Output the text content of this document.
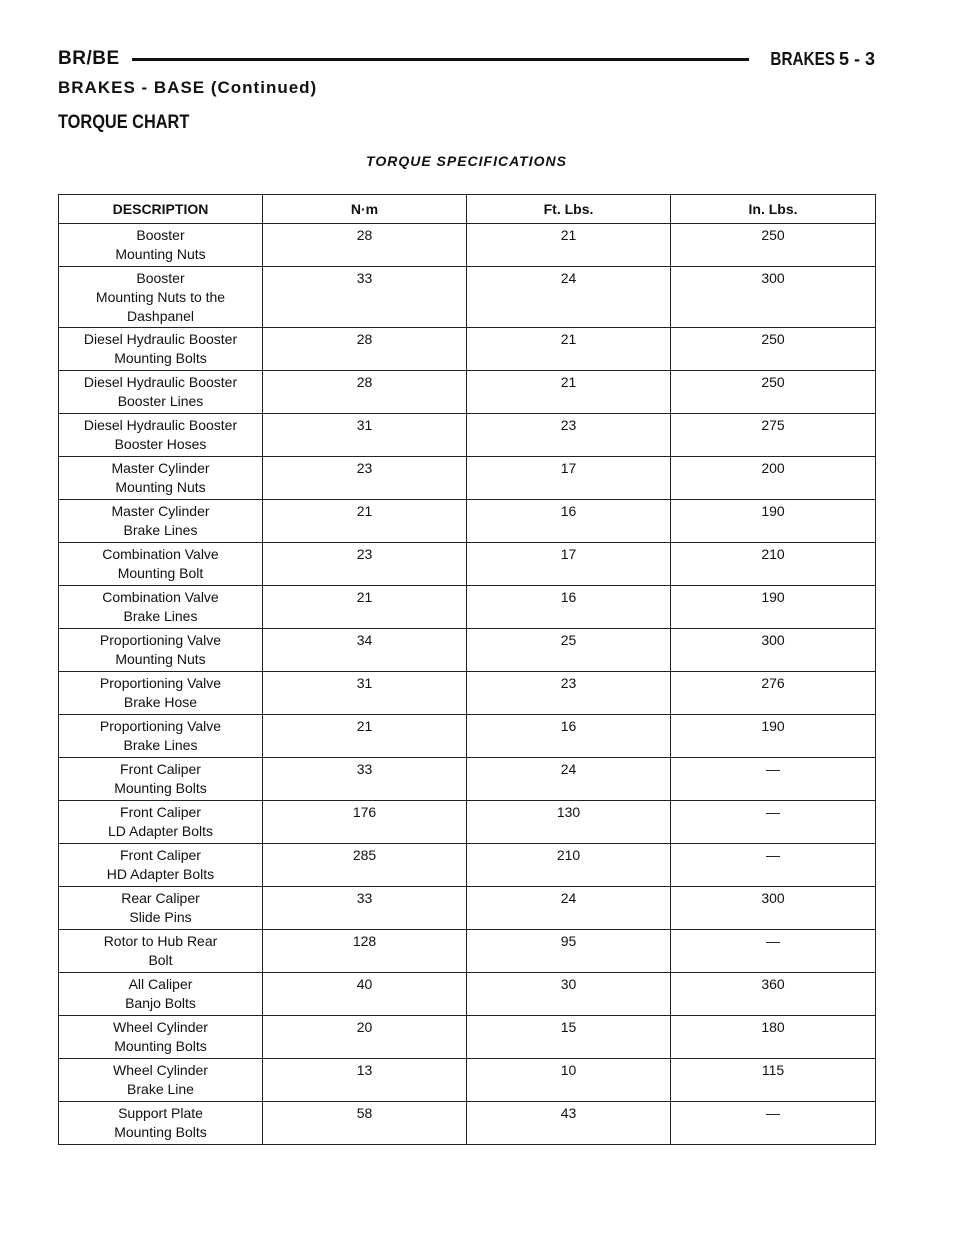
BR/BE	BRAKES 5 - 3
BRAKES - BASE (Continued)
TORQUE CHART
TORQUE SPECIFICATIONS
DESCRIPTION	N·m	Ft. Lbs.	In. Lbs.

Booster
Mounting Nuts	28	21	250

Booster
Mounting Nuts to the
Dashpanel	33	24	300

Diesel Hydraulic Booster
Mounting Bolts	28	21	250

Diesel Hydraulic Booster
Booster Lines	28	21	250

Diesel Hydraulic Booster
Booster Hoses	31	23	275

Master Cylinder
Mounting Nuts	23	17	200

Master Cylinder
Brake Lines	21	16	190

Combination Valve
Mounting Bolt	23	17	210

Combination Valve
Brake Lines	21	16	190

Proportioning Valve
Mounting Nuts	34	25	300

Proportioning Valve
Brake Hose	31	23	276

Proportioning Valve
Brake Lines	21	16	190

Front Caliper
Mounting Bolts	33	24	—

Front Caliper
LD Adapter Bolts	176	130	—

Front Caliper
HD Adapter Bolts	285	210	—

Rear Caliper
Slide Pins	33	24	300

Rotor to Hub Rear
Bolt	128	95	—

All Caliper
Banjo Bolts	40	30	360

Wheel Cylinder
Mounting Bolts	20	15	180

Wheel Cylinder
Brake Line	13	10	115

Support Plate
Mounting Bolts	58	43	—
